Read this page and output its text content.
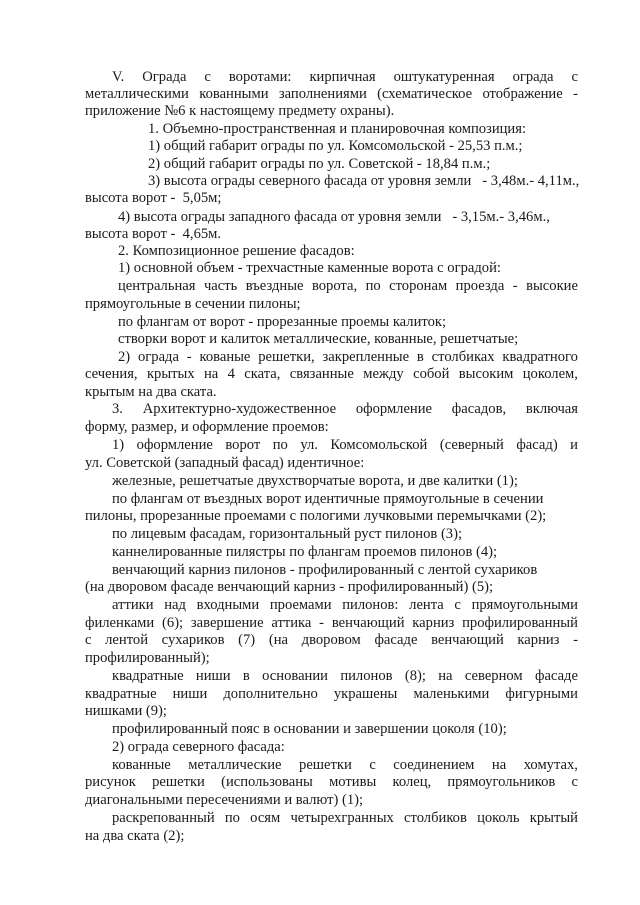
V. Ограда с воротами: кирпичная оштукатуренная ограда с
металлическими кованными заполнениями (схематическое отображение -
приложение №6 к настоящему предмету охраны).
1. Объемно-пространственная и планировочная композиция:
1) общий габарит ограды по ул. Комсомольской - 25,53 п.м.;
2) общий габарит ограды по ул. Советской - 18,84 п.м.;
3) высота ограды северного фасада от уровня земли   - 3,48м.- 4,11м.,
высота ворот -  5,05м;
4) высота ограды западного фасада от уровня земли   - 3,15м.- 3,46м.,
высота ворот -  4,65м.
2. Композиционное решение фасадов:
1) основной объем - трехчастные каменные ворота с оградой:
центральная часть въездные ворота, по сторонам проезда - высокие
прямоугольные в сечении пилоны;
по флангам от ворот - прорезанные проемы калиток;
створки ворот и калиток металлические, кованные, решетчатые;
2) ограда - кованые решетки, закрепленные в столбиках квадратного
сечения, крытых на 4 ската, связанные между собой высоким цоколем,
крытым на два ската.
3. Архитектурно-художественное оформление фасадов, включая
форму, размер, и оформление проемов:
1) оформление ворот по ул. Комсомольской (северный фасад) и
ул. Советской (западный фасад) идентичное:
железные, решетчатые двухстворчатые ворота, и две калитки (1);
по флангам от въездных ворот идентичные прямоугольные в сечении
пилоны, прорезанные проемами с пологими лучковыми перемычками (2);
по лицевым фасадам, горизонтальный руст пилонов (3);
каннелированные пилястры по флангам проемов пилонов (4);
венчающий карниз пилонов - профилированный с лентой сухариков
(на дворовом фасаде венчающий карниз - профилированный) (5);
аттики над входными проемами пилонов: лента с прямоугольными
филенками (6); завершение аттика - венчающий карниз профилированный
с лентой сухариков (7) (на дворовом фасаде венчающий карниз -
профилированный);
квадратные ниши в основании пилонов (8); на северном фасаде
квадратные ниши дополнительно украшены маленькими фигурными
нишками (9);
профилированный пояс в основании и завершении цоколя (10);
2) ограда северного фасада:
кованные металлические решетки с соединением на хомутах,
рисунок решетки (использованы мотивы колец, прямоугольников с
диагональными пересечениями и валют) (1);
раскрепованный по осям четырехгранных столбиков цоколь крытый
на два ската (2);
